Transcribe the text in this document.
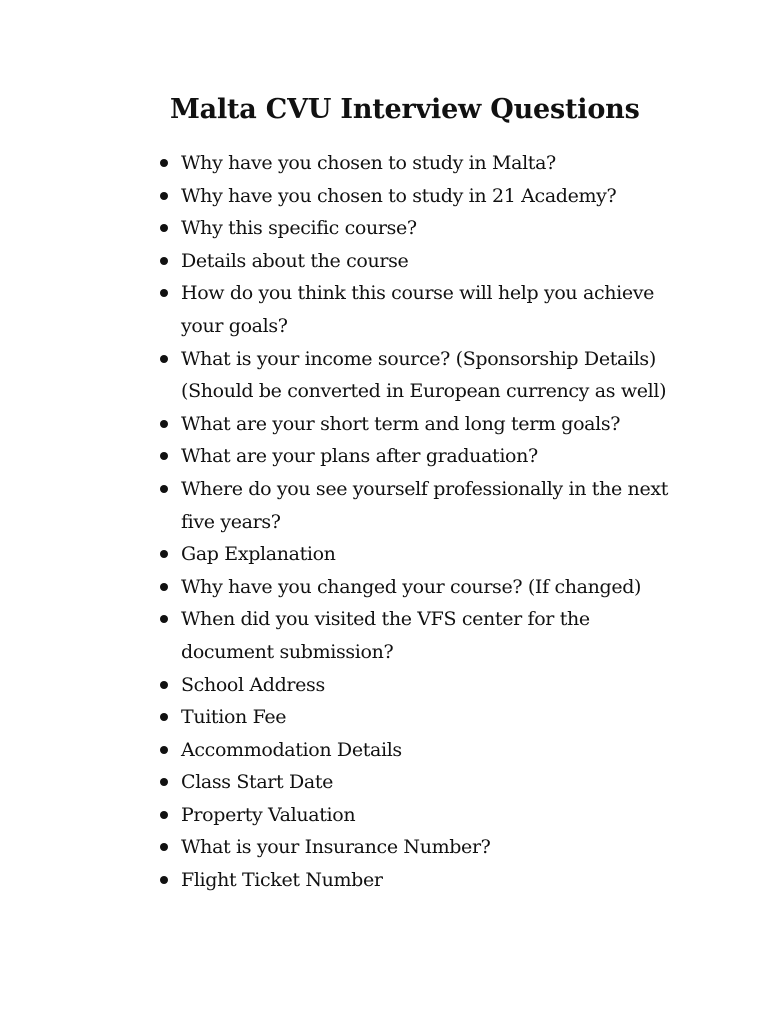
Malta CVU Interview Questions
Why have you chosen to study in Malta?
Why have you chosen to study in 21 Academy?
Why this specific course?
Details about the course
How do you think this course will help you achieve your goals?
What is your income source? (Sponsorship Details) (Should be converted in European currency as well)
What are your short term and long term goals?
What are your plans after graduation?
Where do you see yourself professionally in the next five years?
Gap Explanation
Why have you changed your course? (If changed)
When did you visited the VFS center for the document submission?
School Address
Tuition Fee
Accommodation Details
Class Start Date
Property Valuation
What is your Insurance Number?
Flight Ticket Number
